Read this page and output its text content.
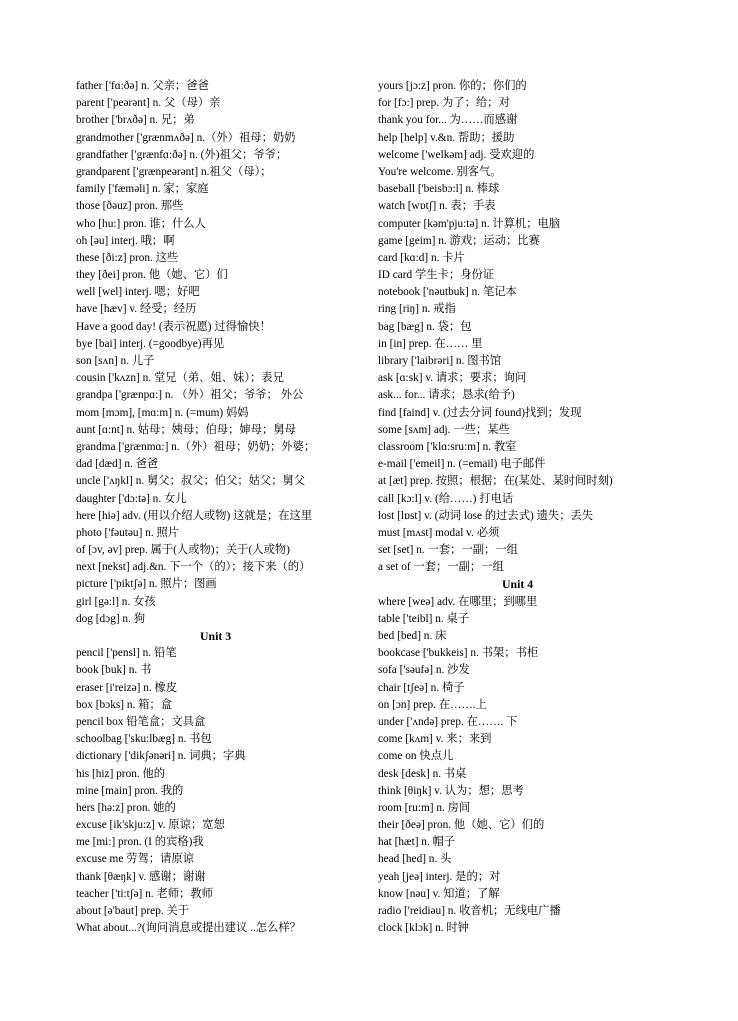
father ['fɑ:ðə] n. 父亲；爸爸
parent ['peərənt] n. 父（母）亲
brother ['brʌðə] n. 兄；弟
grandmother ['grænmʌðə] n.（外）祖母；奶奶
grandfather ['grænfɑ:ðə] n. (外)祖父；爷爷；
grandparent ['grænpeərənt] n.祖父（母）；
family ['fæməli] n. 家；家庭
those [ðəuz] pron. 那些
who [hu:] pron. 谁；什么人
oh [əu] interj. 哦；啊
these [ði:z] pron. 这些
they [ðei] pron. 他（她、它）们
well [wel] interj. 嗯；好吧
have [hæv] v. 经受；经历
Have a good day! (表示祝愿) 过得愉快！
bye [bai] interj. (=goodbye)再见
son [sʌn] n. 儿子
cousin ['kʌzn] n. 堂兄（弟、姐、妹）；表兄
grandpa ['grænpɑ:] n. （外）祖父；爷爷； 外公
mom [mɔm], [mɑ:m] n. (=mum) 妈妈
aunt [ɑ:nt] n. 姑母；姨母；伯母；婶母；舅母
grandma ['grænmɑ:] n.（外）祖母；奶奶；外婆；
dad [dæd] n. 爸爸
uncle ['ʌŋkl] n. 舅父；叔父；伯父；姑父；舅父
daughter ['dɔ:tə] n. 女儿
here [hiə] adv. (用以介绍人或物) 这就是；在这里
photo ['fəutəu] n. 照片
of [ɔv, əv] prep. 属于(人或物)；关于(人或物)
next [nekst] adj.&n. 下一个（的）；接下来（的）
picture ['piktʃə] n. 照片；图画
girl [gə:l] n. 女孩
dog [dɔg] n. 狗
Unit 3
pencil ['pensl] n. 铅笔
book [buk] n. 书
eraser [i'reizə] n. 橡皮
box [bɔks] n. 箱；盒
pencil box 铅笔盒；文具盒
schoolbag ['sku:lbæg] n. 书包
dictionary ['dikʃənəri] n. 词典；字典
his [hiz] pron. 他的
mine [main] pron. 我的
hers [hə:z] pron. 她的
excuse [ik'skju:z] v. 原谅；宽恕
me [mi:] pron. (I 的宾格)我
excuse me 劳驾；请原谅
thank [θæŋk] v. 感谢；谢谢
teacher ['ti:tʃə] n. 老师；教师
about [ə'baut] prep. 关于
What about...?(询问消息或提出建议 ..怎么样？
yours [jɔ:z] pron. 你的；你们的
for [fɔ:] prep. 为了；给；对
thank you for... 为……而感谢
help [help] v.&n. 帮助；援助
welcome ['welkəm] adj. 受欢迎的
You're welcome. 别客气。
baseball ['beisbɔ:l] n. 棒球
watch [wɒtʃ] n. 表；手表
computer [kəm'pju:tə] n. 计算机；电脑
game [geim] n. 游戏；运动；比赛
card [kɑ:d] n. 卡片
ID card 学生卡；身份证
notebook ['nəutbuk] n. 笔记本
ring [riŋ] n. 戒指
bag [bæg] n. 袋；包
in [in] prep. 在…… 里
library ['laibrəri] n. 图书馆
ask [ɑ:sk] v. 请求；要求；询问
ask... for... 请求；恳求(给予)
find [faind] v. (过去分词 found)找到；发现
some [sʌm] adj. 一些；某些
classroom ['klɑ:sru:m] n. 教室
e-mail ['emeil] n. (=email) 电子邮件
at [æt] prep. 按照；根据；在(某处、某时间时刻)
call [kɔ:l] v. (给……) 打电话
lost [lɒst] v. (动词 lose 的过去式) 遗失；丢失
must [mʌst] modal v. 必须
set [set] n. 一套；一副；一组
a set of 一套；一副；一组
Unit 4
where [weə] adv. 在哪里；到哪里
table ['teibl] n. 桌子
bed [bed] n. 床
bookcase ['bukkeis] n. 书架；书柜
sofa ['səufə] n. 沙发
chair [tʃeə] n. 椅子
on [ɔn] prep. 在…….上
under ['ʌndə] prep. 在……. 下
come [kʌm] v. 来；来到
come on 快点儿
desk [desk] n. 书桌
think [θiŋk] v. 认为；想；思考
room [ru:m] n. 房间
their [ðeə] pron. 他（她、它）们的
hat [hæt] n. 帽子
head [hed] n. 头
yeah [jeə] interj. 是的；对
know [nəu] v. 知道；了解
radio ['reidiəu] n. 收音机；无线电广播
clock [klɔk] n. 时钟
